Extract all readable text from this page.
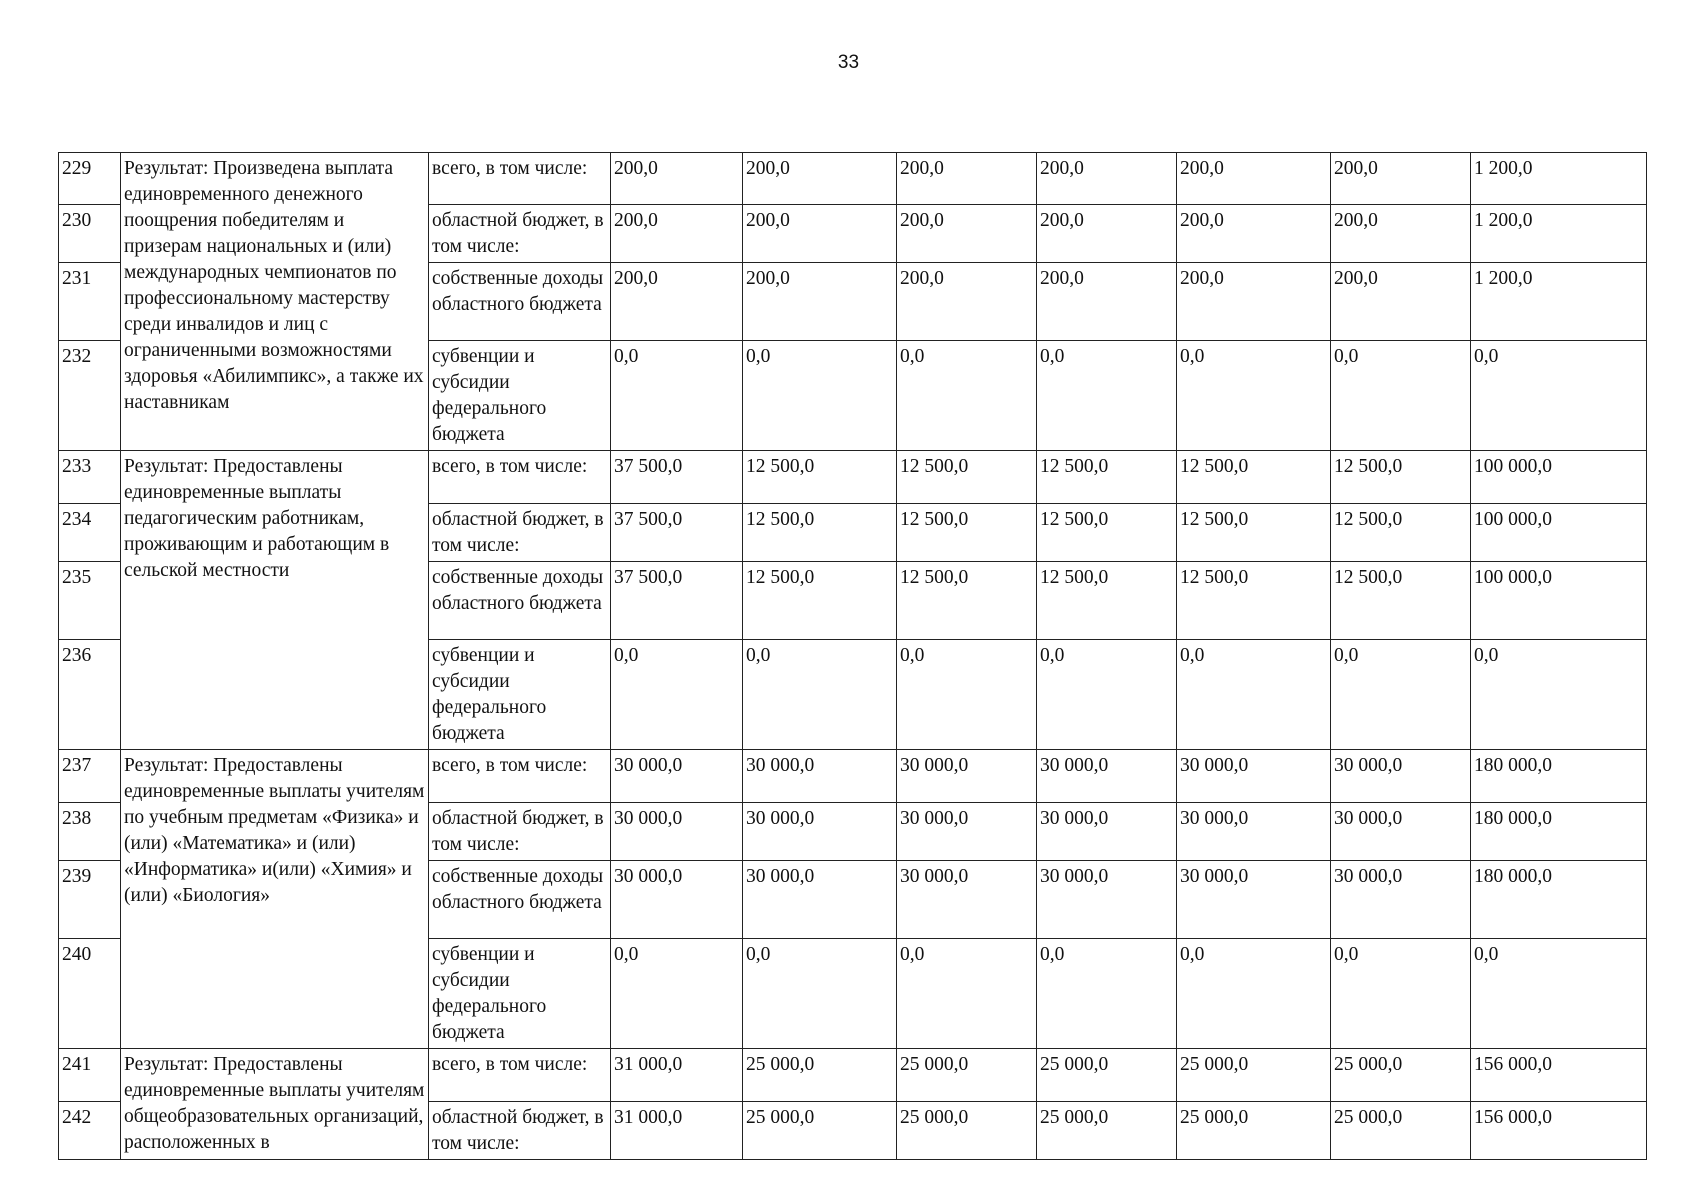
33
229	Результат: Произведена выплата единовременного денежного поощрения победителям и призерам национальных и (или) международных чемпионатов по профессиональному мастерству среди инвалидов и лиц с ограниченными возможностями здоровья «Абилимпикс», а также их наставникам	всего, в том числе:	200,0	200,0	200,0	200,0	200,0	200,0	1 200,0
230		областной бюджет, в том числе:	200,0	200,0	200,0	200,0	200,0	200,0	1 200,0
231		собственные доходы областного бюджета	200,0	200,0	200,0	200,0	200,0	200,0	1 200,0
232		субвенции и субсидии федерального бюджета	0,0	0,0	0,0	0,0	0,0	0,0	0,0
233	Результат: Предоставлены единовременные выплаты педагогическим работникам, проживающим и работающим в сельской местности	всего, в том числе:	37 500,0	12 500,0	12 500,0	12 500,0	12 500,0	12 500,0	100 000,0
234		областной бюджет, в том числе:	37 500,0	12 500,0	12 500,0	12 500,0	12 500,0	12 500,0	100 000,0
235		собственные доходы областного бюджета	37 500,0	12 500,0	12 500,0	12 500,0	12 500,0	12 500,0	100 000,0
236		субвенции и субсидии федерального бюджета	0,0	0,0	0,0	0,0	0,0	0,0	0,0
237	Результат: Предоставлены единовременные выплаты учителям по учебным предметам «Физика» и (или) «Математика» и (или) «Информатика» и(или) «Химия» и (или) «Биология»	всего, в том числе:	30 000,0	30 000,0	30 000,0	30 000,0	30 000,0	30 000,0	180 000,0
238		областной бюджет, в том числе:	30 000,0	30 000,0	30 000,0	30 000,0	30 000,0	30 000,0	180 000,0
239		собственные доходы областного бюджета	30 000,0	30 000,0	30 000,0	30 000,0	30 000,0	30 000,0	180 000,0
240		субвенции и субсидии федерального бюджета	0,0	0,0	0,0	0,0	0,0	0,0	0,0
241	Результат: Предоставлены единовременные выплаты учителям общеобразовательных организаций, расположенных в	всего, в том числе:	31 000,0	25 000,0	25 000,0	25 000,0	25 000,0	25 000,0	156 000,0
242		областной бюджет, в том числе:	31 000,0	25 000,0	25 000,0	25 000,0	25 000,0	25 000,0	156 000,0
